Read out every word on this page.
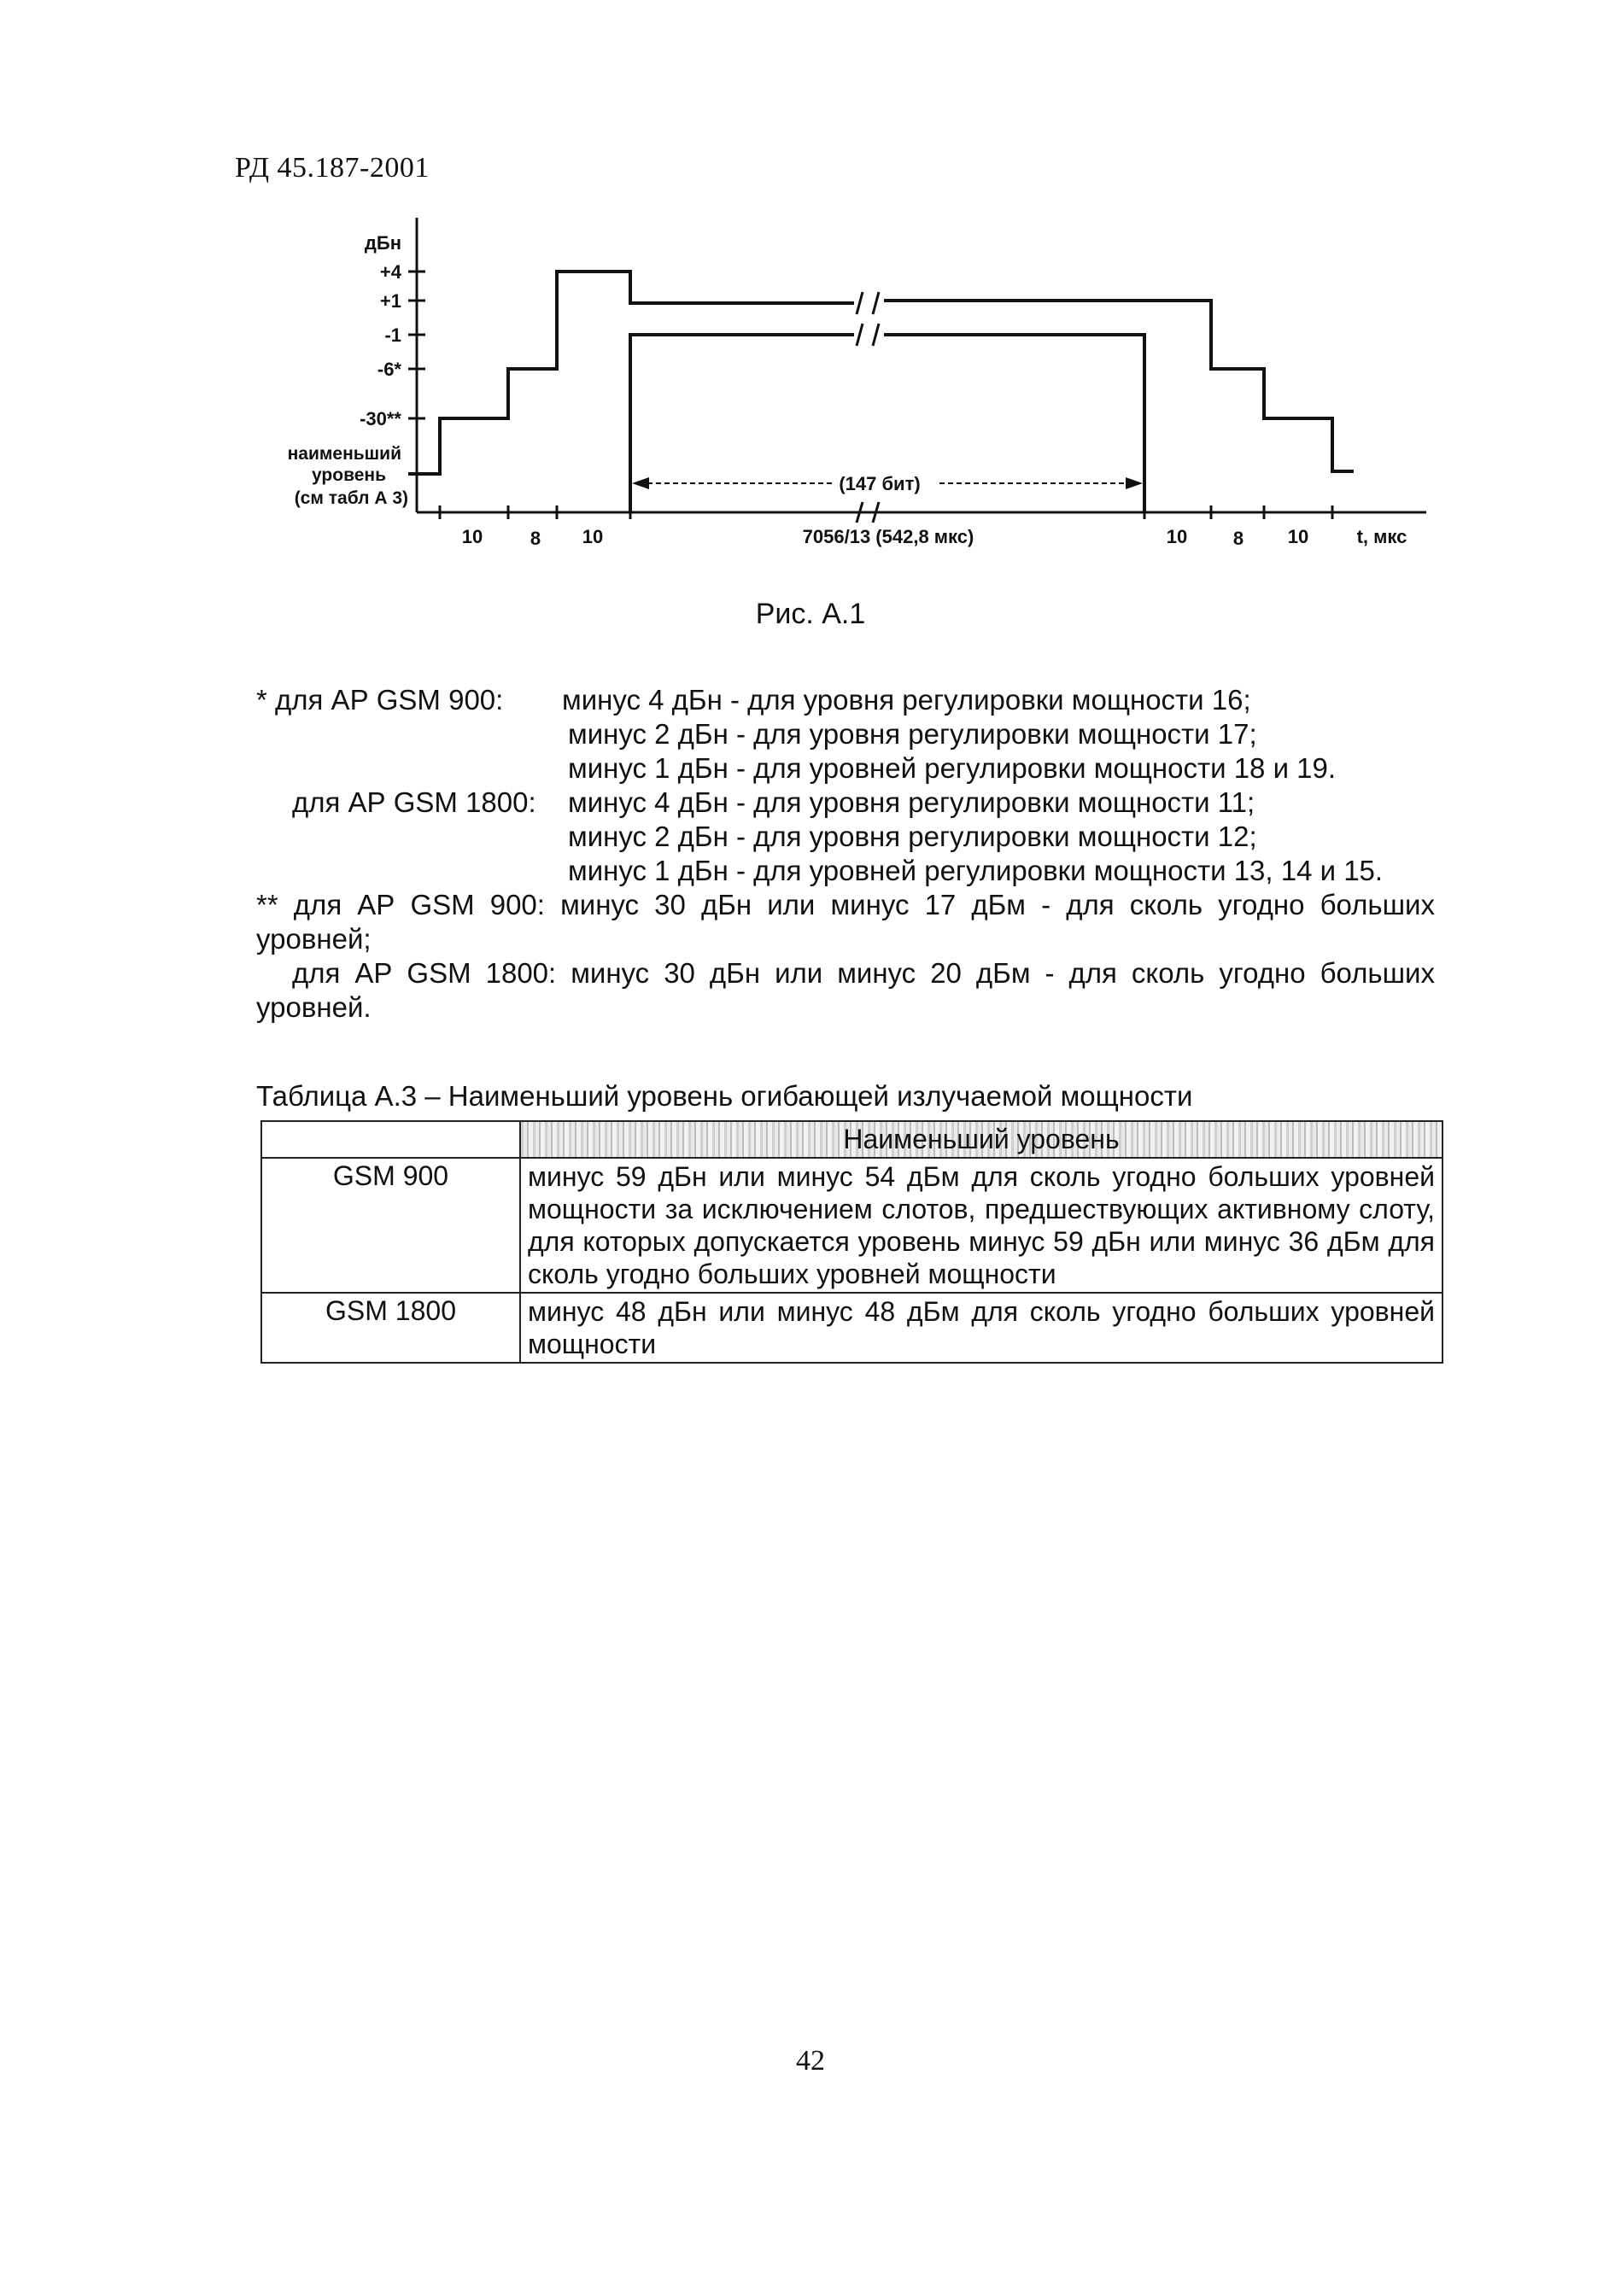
РД 45.187-2001
дБн
+4
+1
-1
-6*
-30**
наименьший
уровень
(см табл А 3)
10	8 10	7056/13 (542,8 мкс)	10 8 10	t, мкс
(147 бит)
Рис. А.1
* для АР GSM 900: минус 4 дБн - для уровня регулировки мощности 16;
минус 2 дБн - для уровня регулировки мощности 17;
минус 1 дБн - для уровней регулировки мощности 18 и 19.
для АР GSM 1800: минус 4 дБн - для уровня регулировки мощности 11;
минус 2 дБн - для уровня регулировки мощности 12;
минус 1 дБн - для уровней регулировки мощности 13, 14 и 15.
** для АР GSM 900: минус 30 дБн или минус 17 дБм - для сколь угодно больших
уровней;
для АР GSM 1800: минус 30 дБн или минус 20 дБм - для сколь угодно больших
уровней.
Таблица А.3 – Наименьший уровень огибающей излучаемой мощности
	Наименьший уровень
GSM 900	минус 59 дБн или минус 54 дБм для сколь угодно больших уровней мощности за исключением слотов, предшествующих активному слоту, для которых допускается уровень минус 59 дБн или минус 36 дБм для сколь угодно больших уровней мощности
GSM 1800	минус 48 дБн или минус 48 дБм для сколь угодно больших уровней мощности
42
